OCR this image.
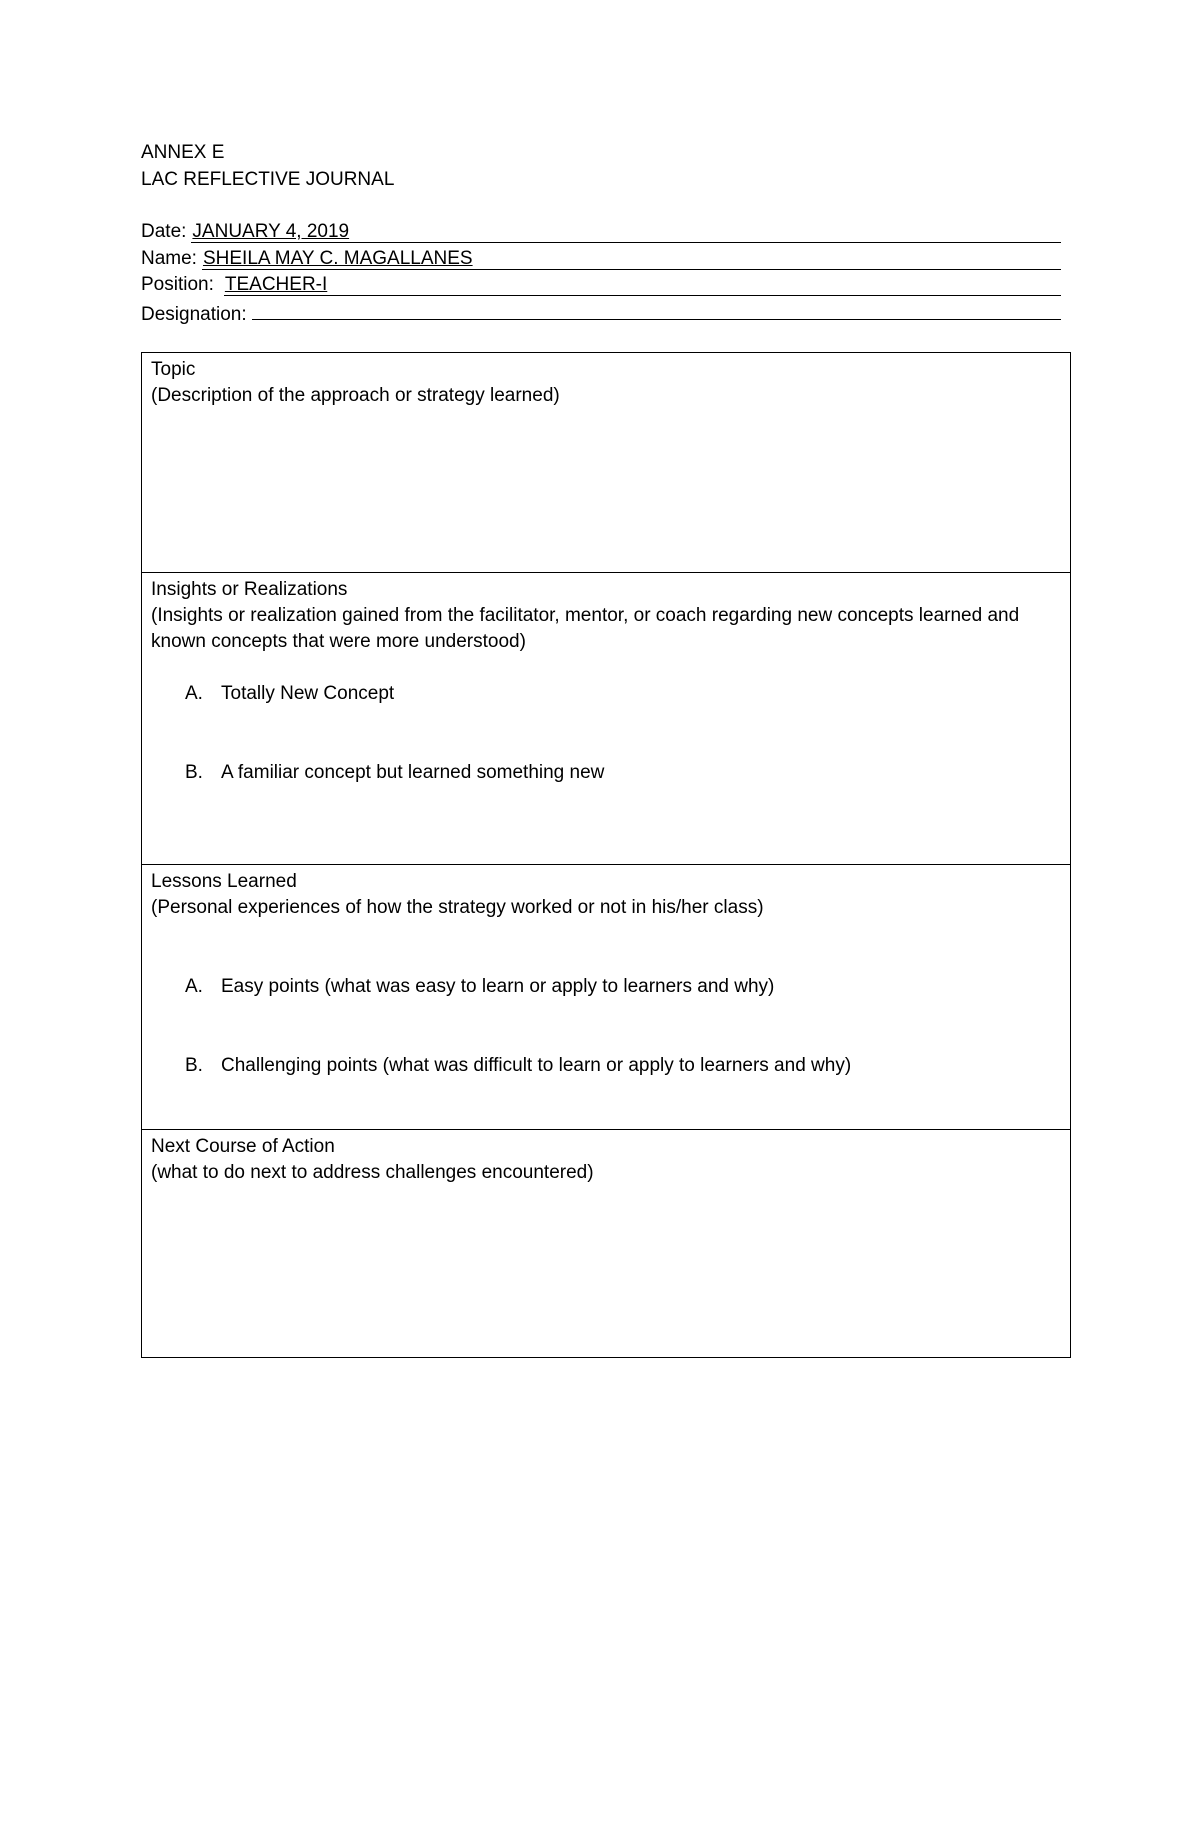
ANNEX E
LAC REFLECTIVE JOURNAL
Date: JANUARY 4, 2019
Name: SHEILA MAY C. MAGALLANES
Position: TEACHER-I
Designation:
Topic
(Description of the approach or strategy learned)

Insights or Realizations
(Insights or realization gained from the facilitator, mentor, or coach regarding new concepts learned and known concepts that were more understood)
A. Totally New Concept
B. A familiar concept but learned something new

Lessons Learned
(Personal experiences of how the strategy worked or not in his/her class)
A. Easy points (what was easy to learn or apply to learners and why)
B. Challenging points (what was difficult to learn or apply to learners and why)

Next Course of Action
(what to do next to address challenges encountered)
